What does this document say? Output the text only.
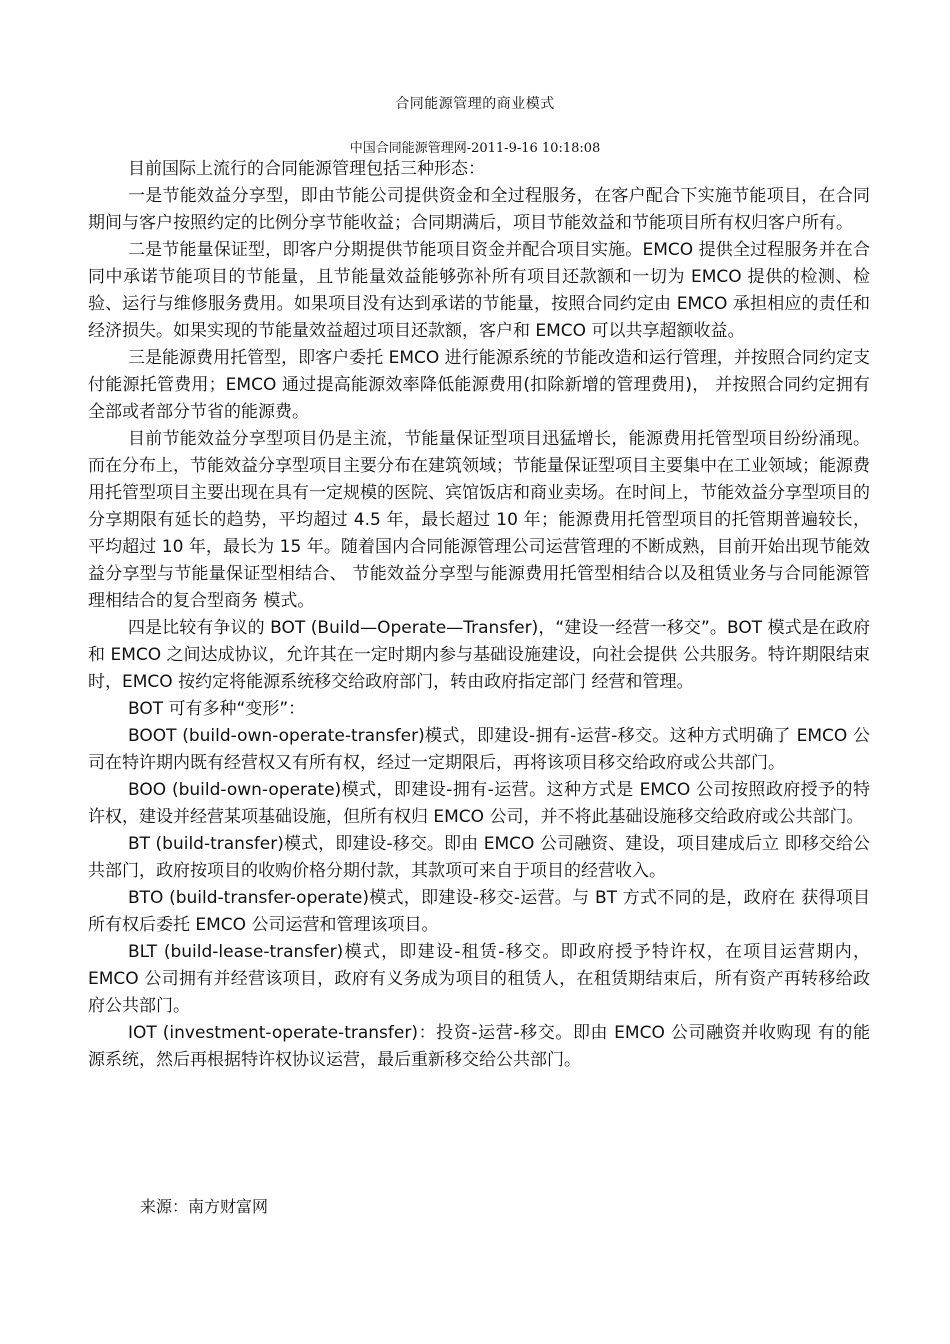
合同能源管理的商业模式
中国合同能源管理网-2011-9-16 10:18:08

目前国际上流行的合同能源管理包括三种形态：

一是节能效益分享型，即由节能公司提供资金和全过程服务，在客户配合下实施节能项目，在合同期间与客户按照约定的比例分享节能收益；合同期满后，项目节能效益和节能项目所有权归客户所有。

二是节能量保证型，即客户分期提供节能项目资金并配合项目实施。EMCO 提供全过程服务并在合同中承诺节能项目的节能量，且节能量效益能够弥补所有项目还款额和一切为 EMCO 提供的检测、检验、运行与维修服务费用。如果项目没有达到承诺的节能量，按照合同约定由 EMCO 承担相应的责任和经济损失。如果实现的节能量效益超过项目还款额，客户和 EMCO 可以共享超额收益。

三是能源费用托管型，即客户委托 EMCO 进行能源系统的节能改造和运行管理，并按照合同约定支付能源托管费用；EMCO 通过提高能源效率降低能源费用(扣除新增的管理费用)， 并按照合同约定拥有全部或者部分节省的能源费。

目前节能效益分享型项目仍是主流，节能量保证型项目迅猛增长，能源费用托管型项目纷纷涌现。而在分布上，节能效益分享型项目主要分布在建筑领域；节能量保证型项目主要集中在工业领域；能源费用托管型项目主要出现在具有一定规模的医院、宾馆饭店和商业卖场。在时间上，节能效益分享型项目的分享期限有延长的趋势，平均超过 4.5 年，最长超过 10 年；能源费用托管型项目的托管期普遍较长，平均超过 10 年，最长为 15 年。随着国内合同能源管理公司运营管理的不断成熟，目前开始出现节能效益分享型与节能量保证型相结合、 节能效益分享型与能源费用托管型相结合以及租赁业务与合同能源管理相结合的复合型商务 模式。

四是比较有争议的 BOT (Build—Operate—Transfer)，“建设一经营一移交”。BOT 模式是在政府和 EMCO 之间达成协议，允许其在一定时期内参与基础设施建设，向社会提供 公共服务。特许期限结束时，EMCO 按约定将能源系统移交给政府部门，转由政府指定部门 经营和管理。

BOT 可有多种“变形”：

BOOT (build-own-operate-transfer)模式，即建设-拥有-运营-移交。这种方式明确了 EMCO 公司在特许期内既有经营权又有所有权，经过一定期限后，再将该项目移交给政府或公共部门。

BOO (build-own-operate)模式，即建设-拥有-运营。这种方式是 EMCO 公司按照政府授予的特许权，建设并经营某项基础设施，但所有权归 EMCO 公司，并不将此基础设施移交给政府或公共部门。

BT (build-transfer)模式，即建设-移交。即由 EMCO 公司融资、建设，项目建成后立 即移交给公共部门，政府按项目的收购价格分期付款，其款项可来自于项目的经营收入。

BTO (build-transfer-operate)模式，即建设-移交-运营。与 BT 方式不同的是，政府在 获得项目所有权后委托 EMCO 公司运营和管理该项目。

BLT (build-lease-transfer)模式，即建设-租赁-移交。即政府授予特许权，在项目运营期内，EMCO 公司拥有并经营该项目，政府有义务成为项目的租赁人，在租赁期结束后，所有资产再转移给政府公共部门。

IOT (investment-operate-transfer)：投资-运营-移交。即由 EMCO 公司融资并收购现 有的能源系统，然后再根据特许权协议运营，最后重新移交给公共部门。

来源：南方财富网
